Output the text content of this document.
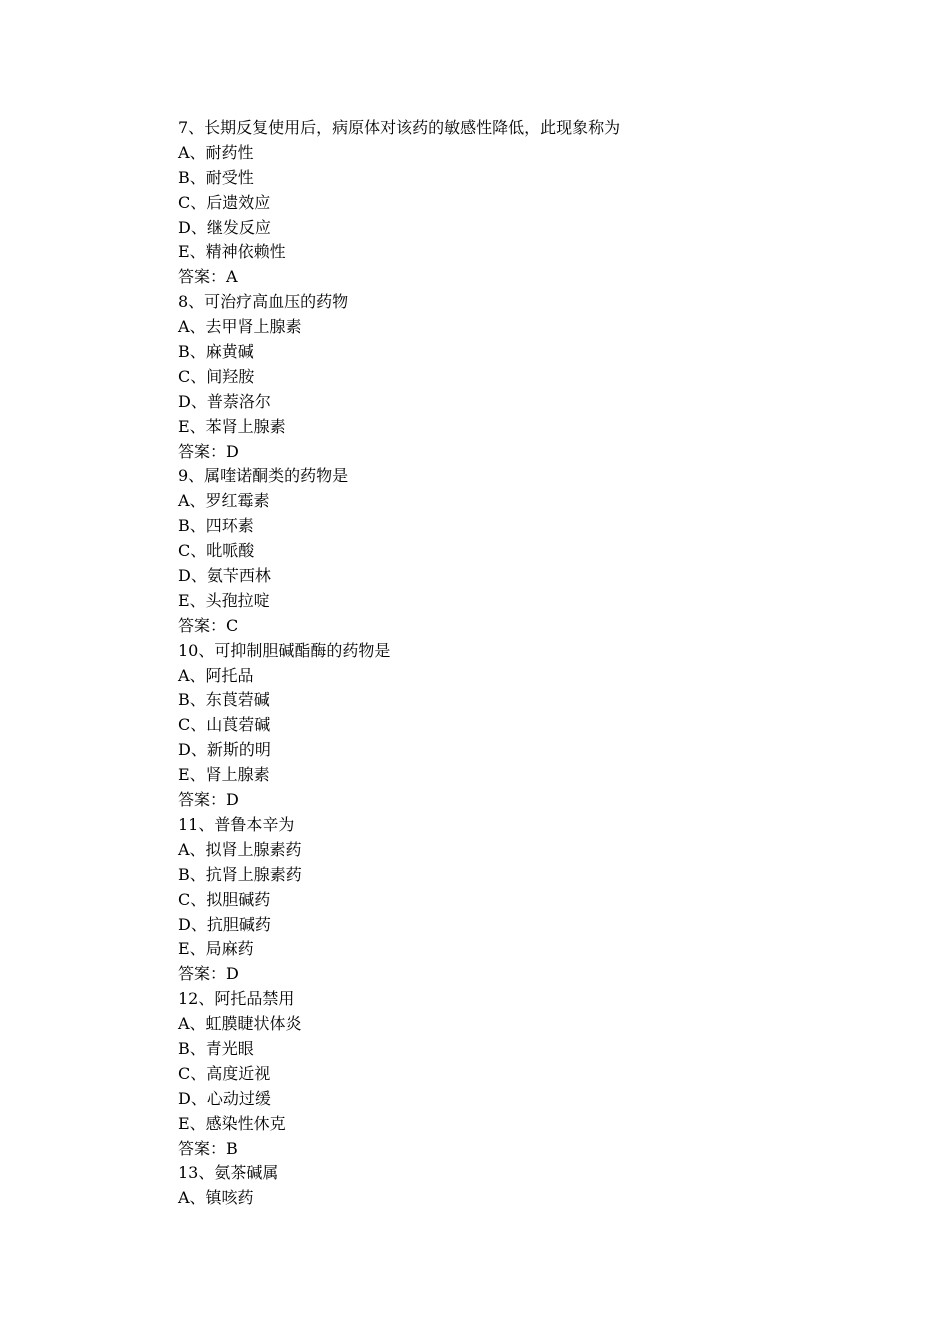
7、长期反复使用后，病原体对该药的敏感性降低，此现象称为
A、耐药性
B、耐受性
C、后遗效应
D、继发反应
E、精神依赖性
答案：A
8、可治疗高血压的药物
A、去甲肾上腺素
B、麻黄碱
C、间羟胺
D、普萘洛尔
E、苯肾上腺素
答案：D
9、属喹诺酮类的药物是
A、罗红霉素
B、四环素
C、吡哌酸
D、氨苄西林
E、头孢拉啶
答案：C
10、可抑制胆碱酯酶的药物是
A、阿托品
B、东莨菪碱
C、山莨菪碱
D、新斯的明
E、肾上腺素
答案：D
11、普鲁本辛为
A、拟肾上腺素药
B、抗肾上腺素药
C、拟胆碱药
D、抗胆碱药
E、局麻药
答案：D
12、阿托品禁用
A、虹膜睫状体炎
B、青光眼
C、高度近视
D、心动过缓
E、感染性休克
答案：B
13、氨茶碱属
A、镇咳药
